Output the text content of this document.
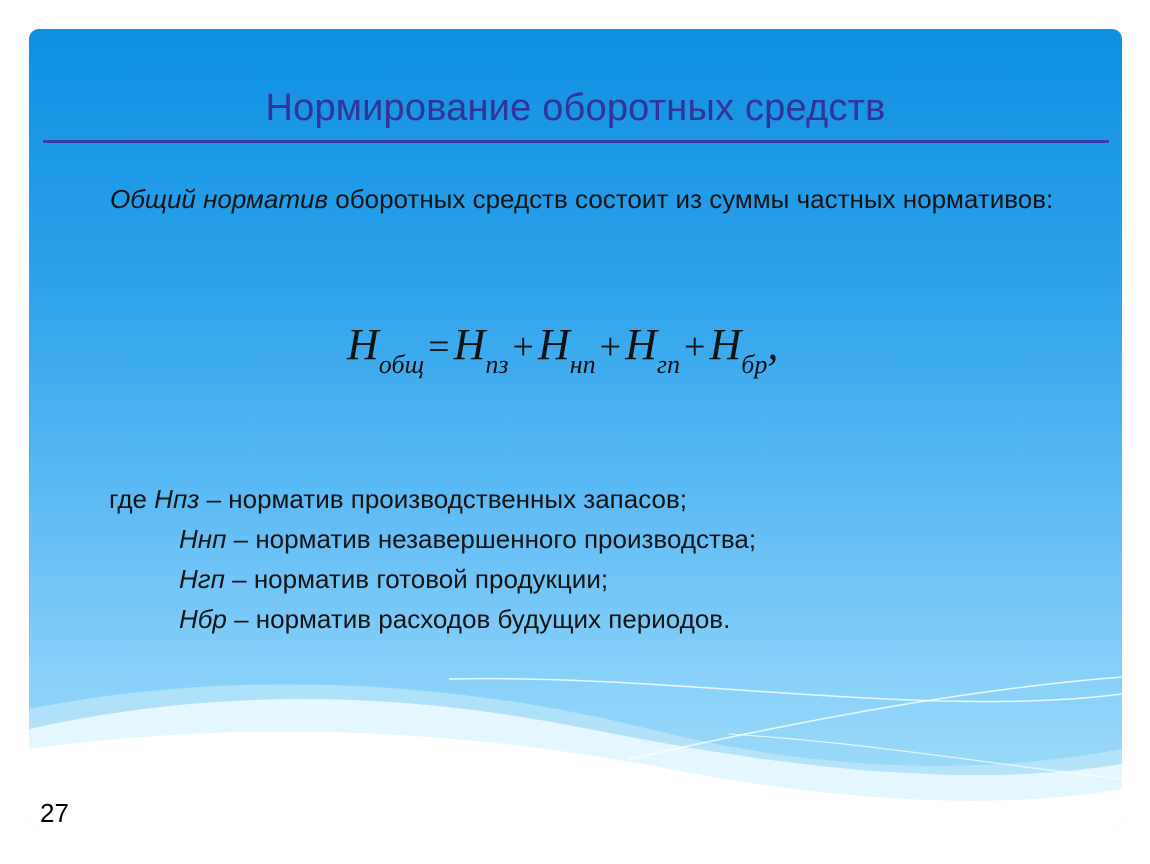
Нормирование оборотных средств
Общий норматив оборотных средств состоит из суммы частных нормативов:
$Н_{общ} =Н_{пз} +Н_{нп} +Н_{гп} +Н_{бр}$,
где Нпз – норматив производственных запасов;
Ннп – норматив незавершенного производства;
Нгп – норматив готовой продукции;
Нбр – норматив расходов будущих периодов.
27
